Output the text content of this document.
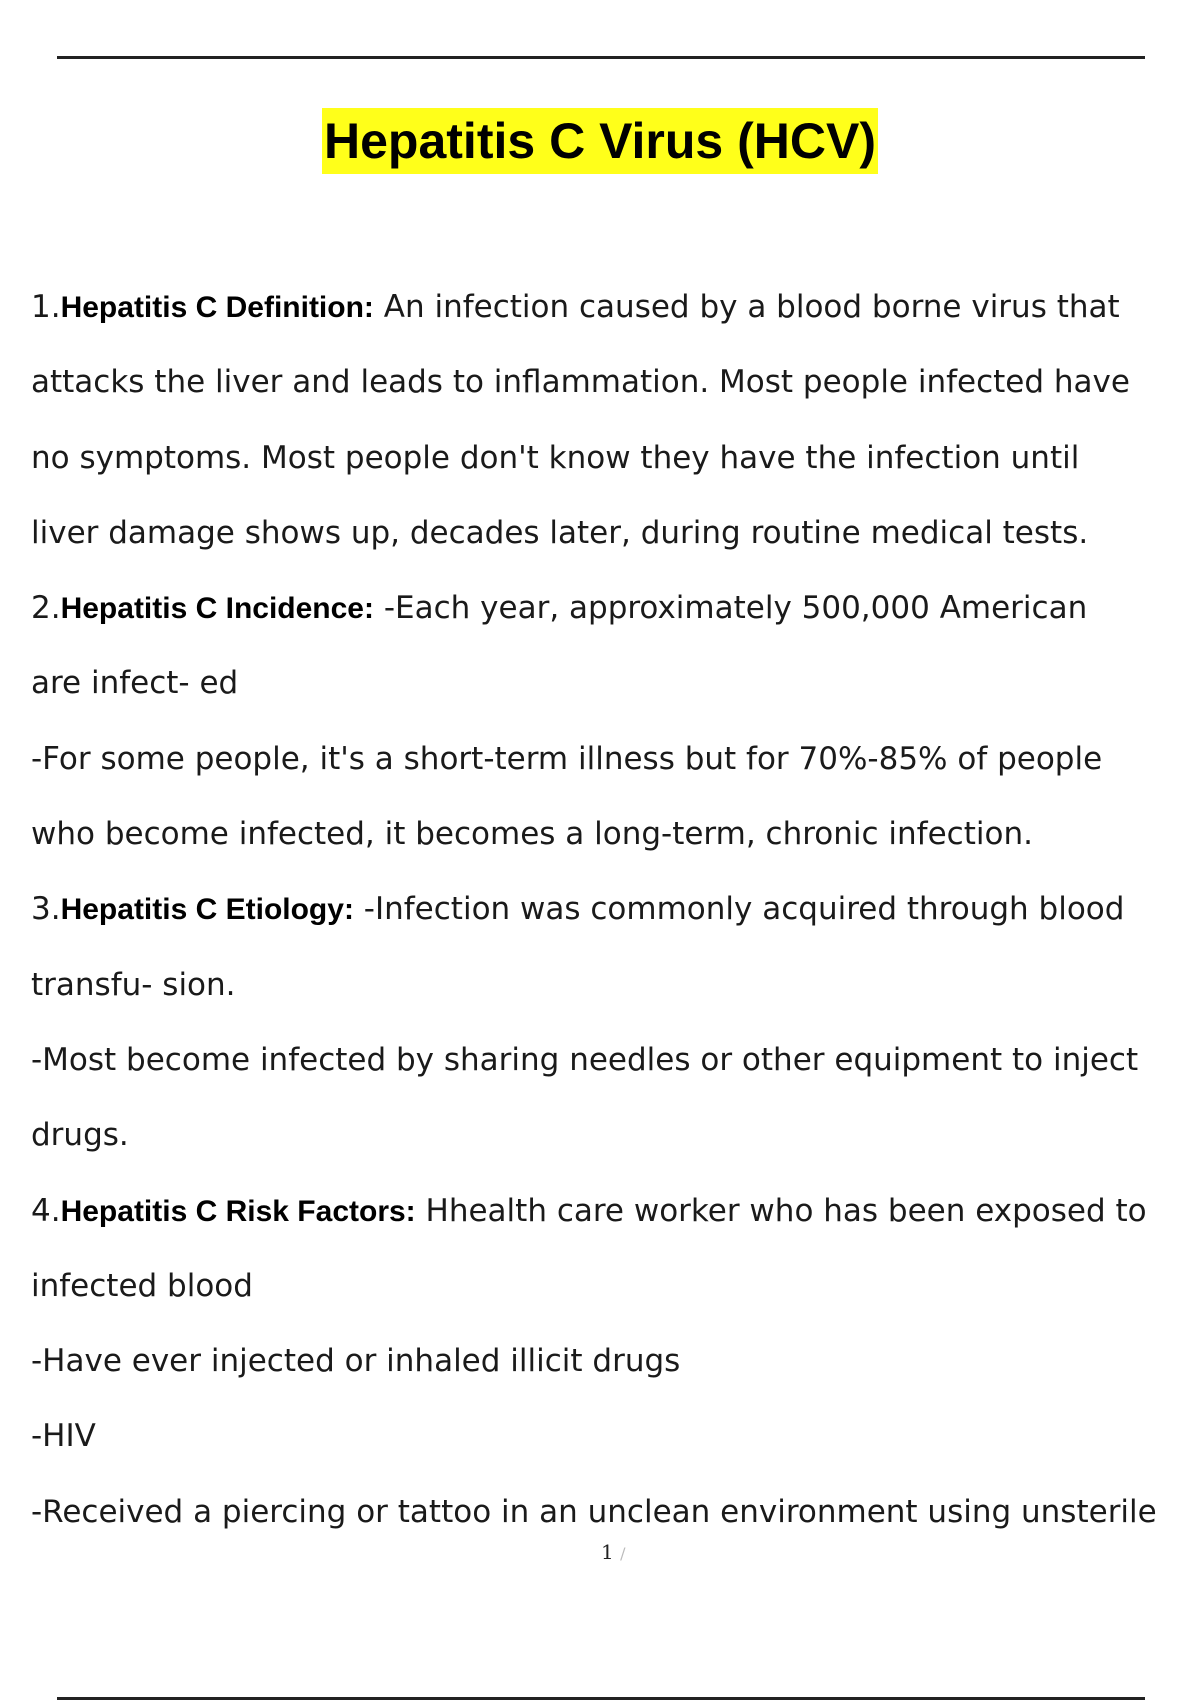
Hepatitis C Virus (HCV)
1.Hepatitis C Definition: An infection caused by a blood borne virus that
attacks the liver and leads to inflammation. Most people infected have
no symptoms. Most people don't know they have the infection until
liver damage shows up, decades later, during routine medical tests.
2.Hepatitis C Incidence: -Each year, approximately 500,000 American
are infect- ed
-For some people, it's a short-term illness but for 70%-85% of people
who become infected, it becomes a long-term, chronic infection.
3.Hepatitis C Etiology: -Infection was commonly acquired through blood
transfu- sion.
-Most become infected by sharing needles or other equipment to inject
drugs.
4.Hepatitis C Risk Factors: Hhealth care worker who has been exposed to
infected blood
-Have ever injected or inhaled illicit drugs
-HIV
-Received a piercing or tattoo in an unclean environment using unsterile
1 /
